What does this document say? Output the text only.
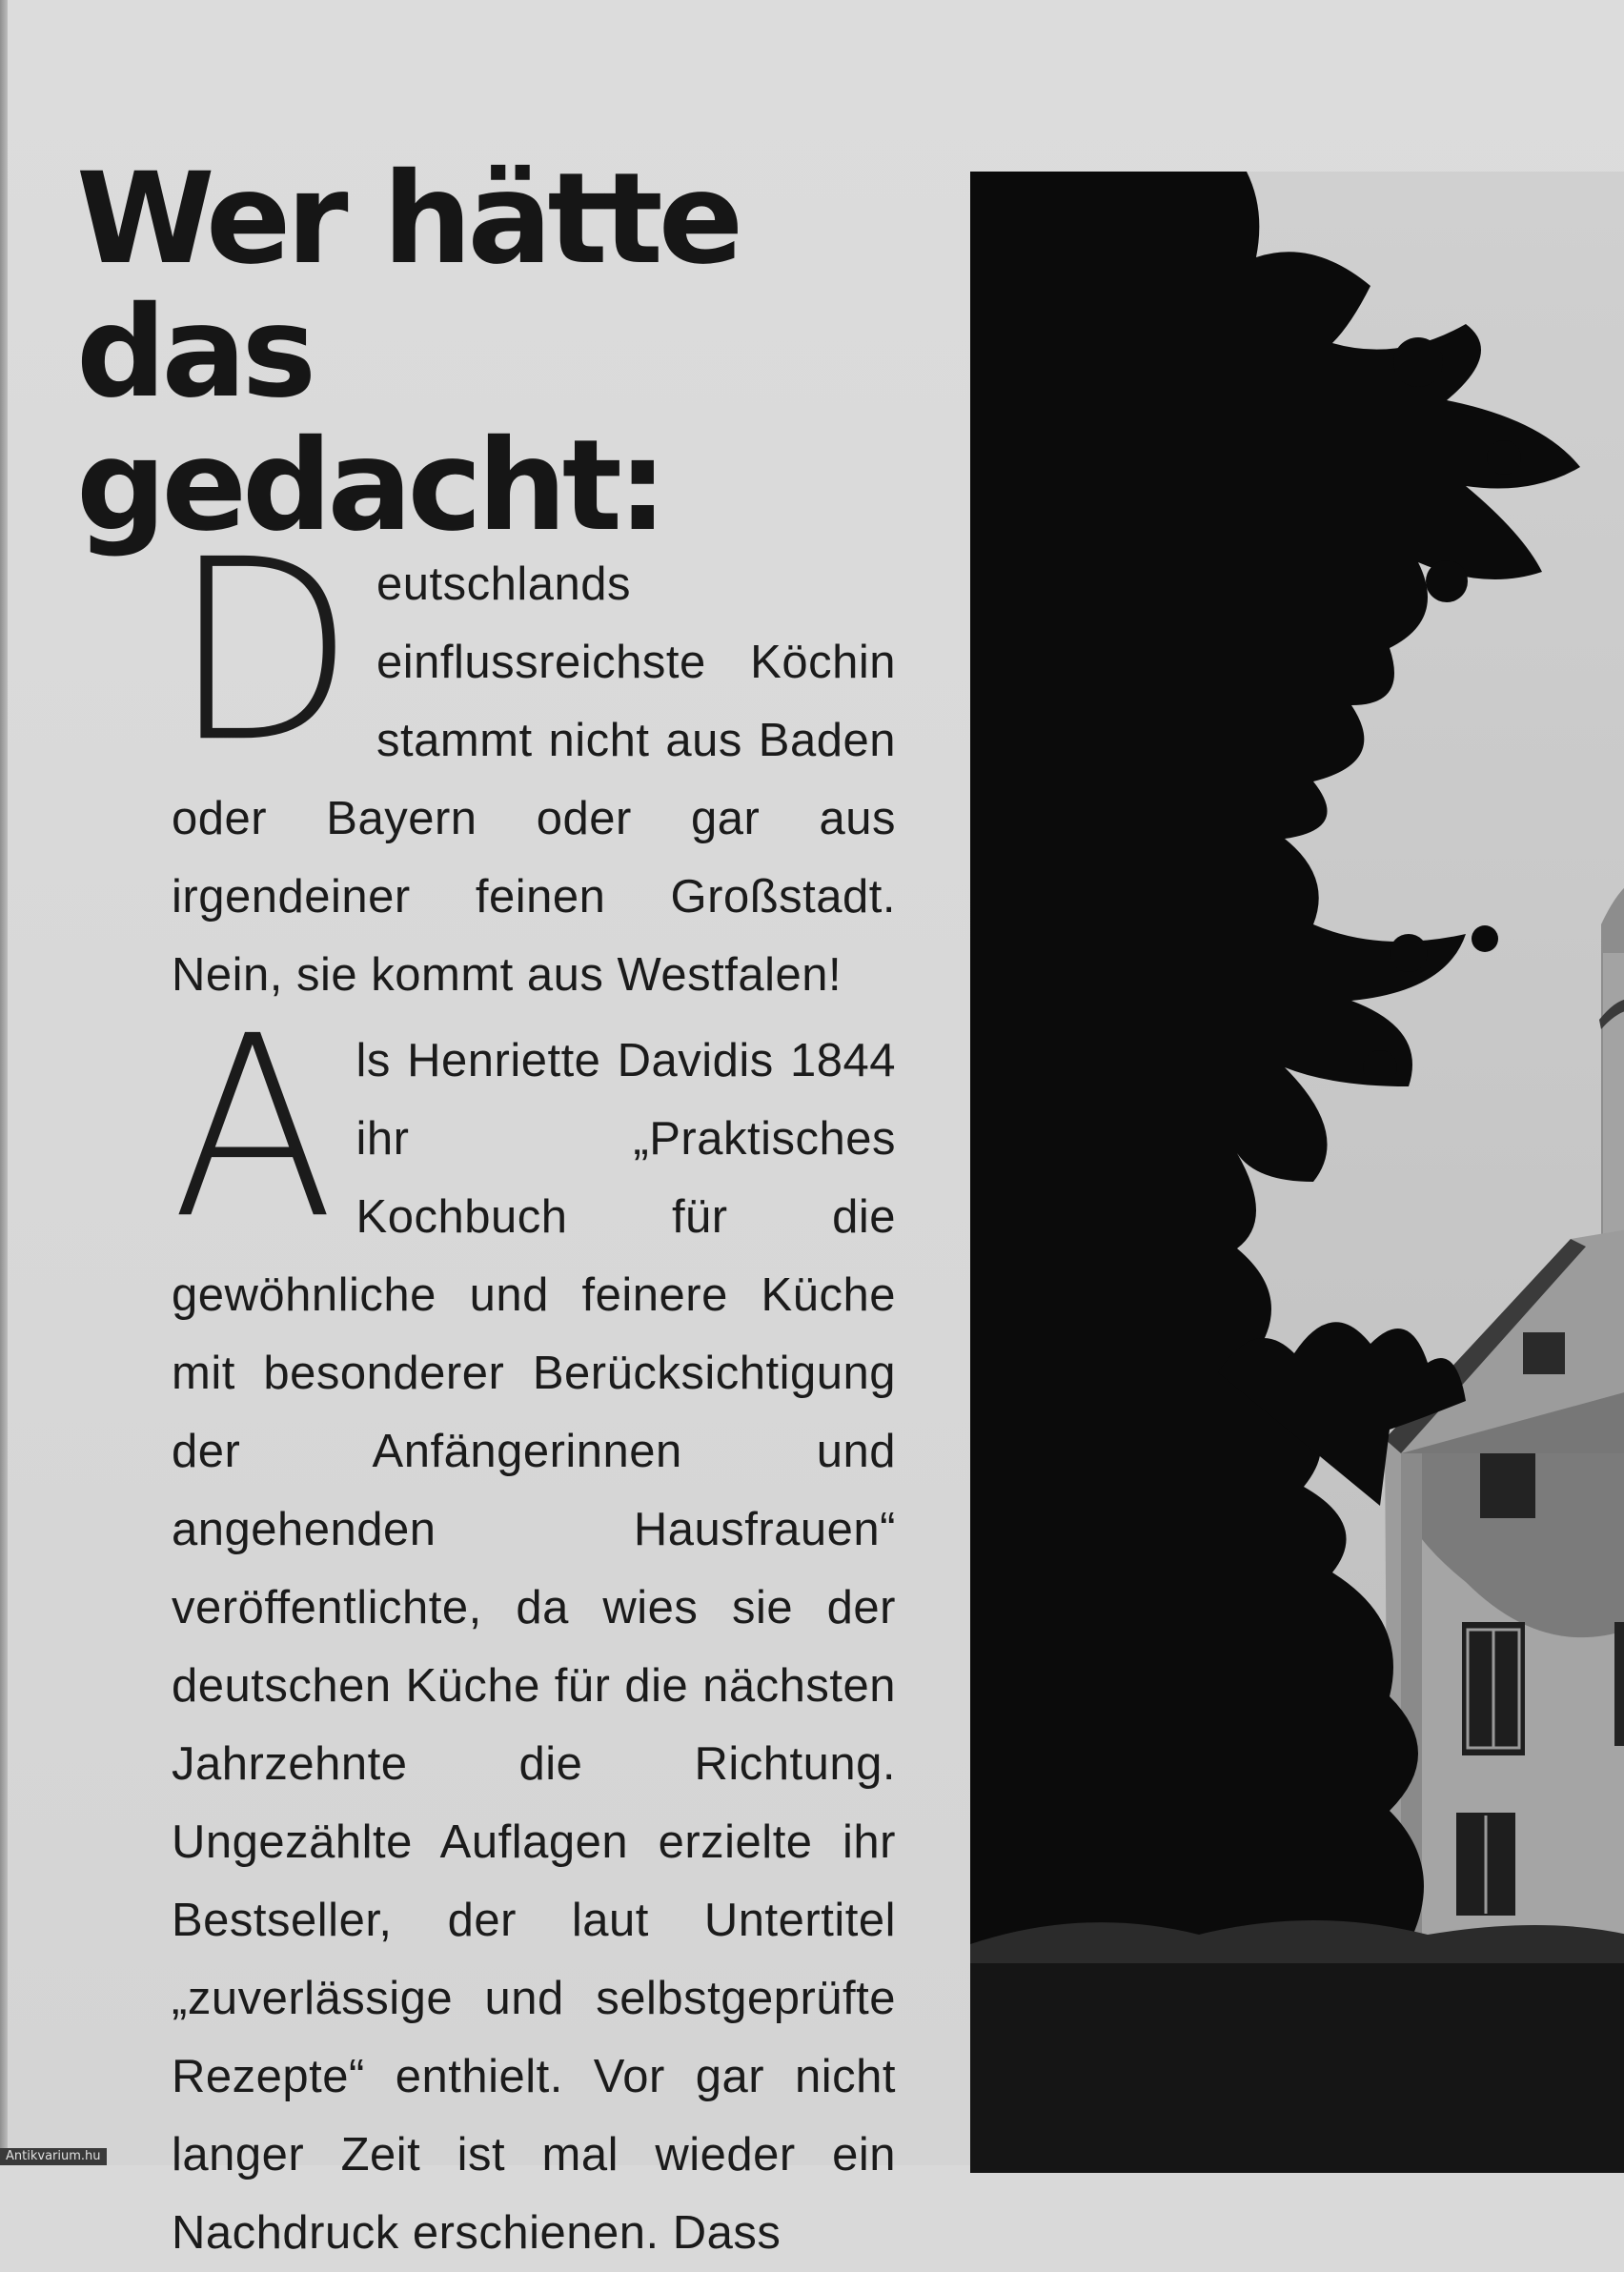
Wer hätte das gedacht:

Deutschlands einflussreichste Köchin stammt nicht aus Baden oder Bayern oder gar aus irgendeiner feinen Großstadt. Nein, sie kommt aus Westfalen!

Als Henriette Davidis 1844 ihr „Praktisches Kochbuch für die gewöhnliche und feinere Küche mit besonderer Berücksichtigung der Anfängerinnen und angehenden Hausfrauen“ veröffentlichte, da wies sie der deutschen Küche für die nächsten Jahrzehnte die Richtung. Ungezählte Auflagen erzielte ihr Bestseller, der laut Untertitel „zuverlässige und selbstgeprüfte Rezepte“ enthielt. Vor gar nicht langer Zeit ist mal wieder ein Nachdruck erschienen. Dass

Antikvarium.hu
